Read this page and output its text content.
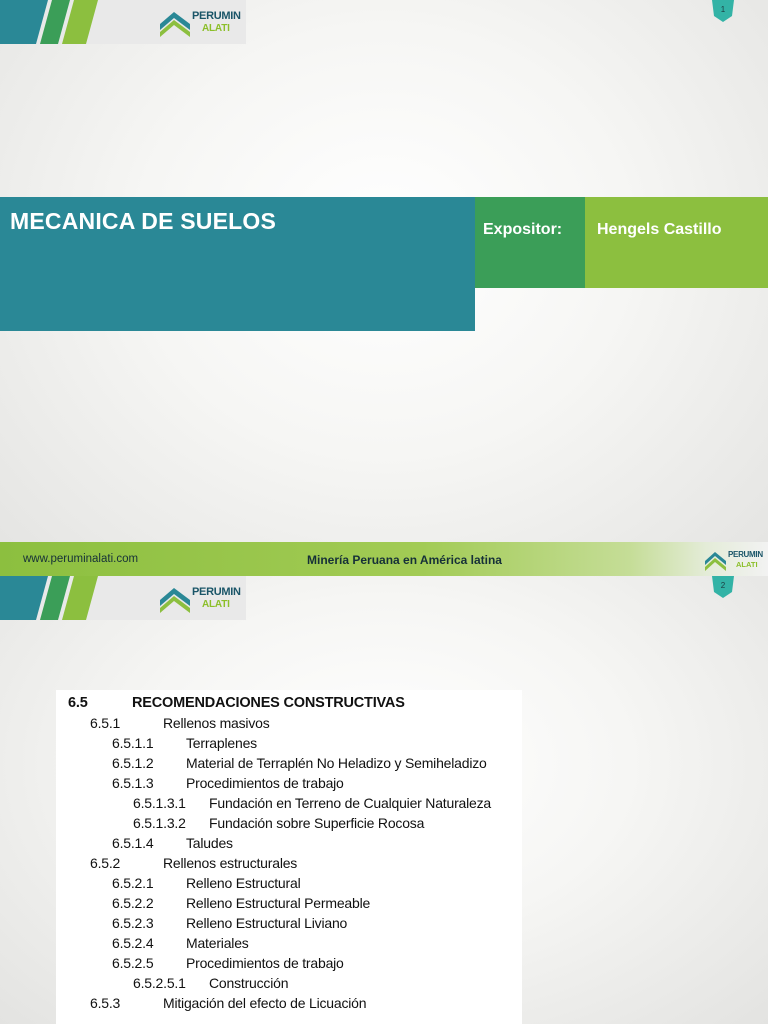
PERUMIN
ALATI
1
MECANICA DE SUELOS	Expositor: Hengels Castillo
www.peruminalati.com	Minería Peruana en América latina	PERUMIN
ALATI
PERUMIN
ALATI
2
6.5	RECOMENDACIONES CONSTRUCTIVAS
6.5.1	Rellenos masivos
6.5.1.1 Terraplenes
6.5.1.2 Material de Terraplén No Heladizo y Semiheladizo
6.5.1.3 Procedimientos de trabajo
6.5.1.3.1 Fundación en Terreno de Cualquier Naturaleza
6.5.1.3.2 Fundación sobre Superficie Rocosa
6.5.1.4 Taludes
6.5.2	Rellenos estructurales
6.5.2.1 Relleno Estructural
6.5.2.2 Relleno Estructural Permeable
6.5.2.3 Relleno Estructural Liviano
6.5.2.4 Materiales
6.5.2.5 Procedimientos de trabajo
6.5.2.5.1 Construcción
6.5.3	Mitigación del efecto de Licuación
